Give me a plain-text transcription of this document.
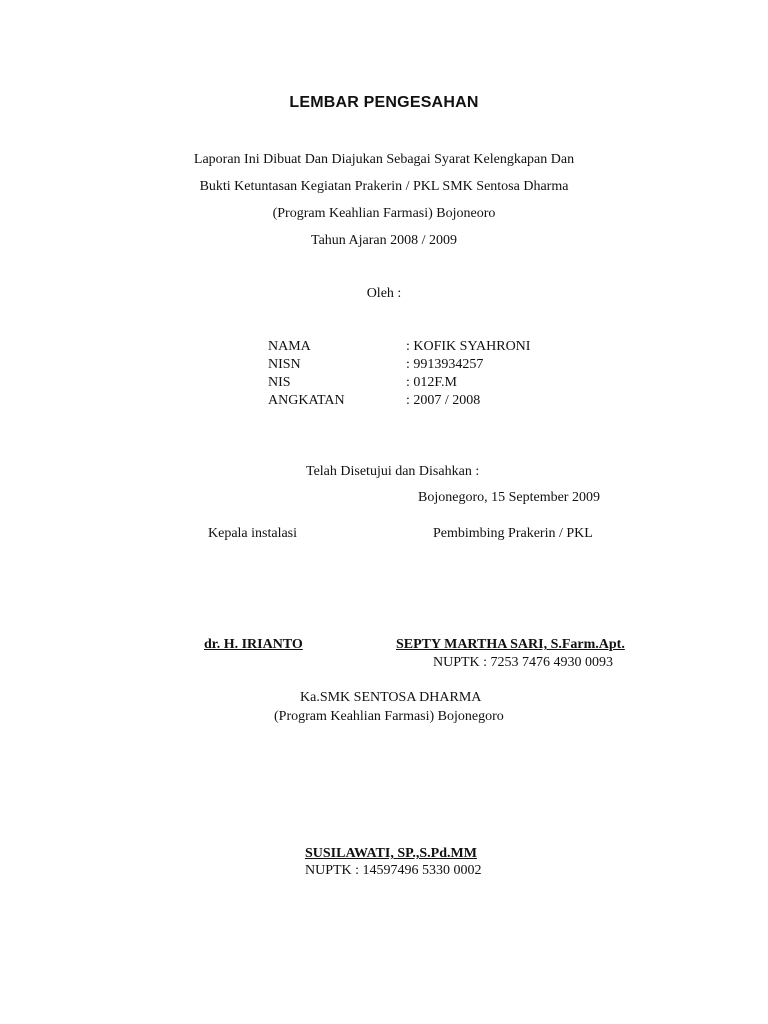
LEMBAR PENGESAHAN
Laporan Ini Dibuat Dan Diajukan Sebagai Syarat Kelengkapan Dan
Bukti Ketuntasan Kegiatan Prakerin / PKL SMK Sentosa Dharma
(Program Keahlian Farmasi) Bojoneoro
Tahun Ajaran 2008 / 2009
Oleh :
NAMA	: KOFIK SYAHRONI
NISN	: 9913934257
NIS	: 012F.M
ANGKATAN	: 2007 / 2008
Telah Disetujui dan Disahkan :
Bojonegoro, 15 September 2009
Kepala instalasi	Pembimbing Prakerin / PKL
dr. H. IRIANTO	SEPTY MARTHA SARI, S.Farm.Apt.
NUPTK : 7253 7476 4930 0093
Ka.SMK SENTOSA DHARMA
(Program Keahlian Farmasi) Bojonegoro
SUSILAWATI, SP.,S.Pd.MM
NUPTK : 14597496 5330 0002
